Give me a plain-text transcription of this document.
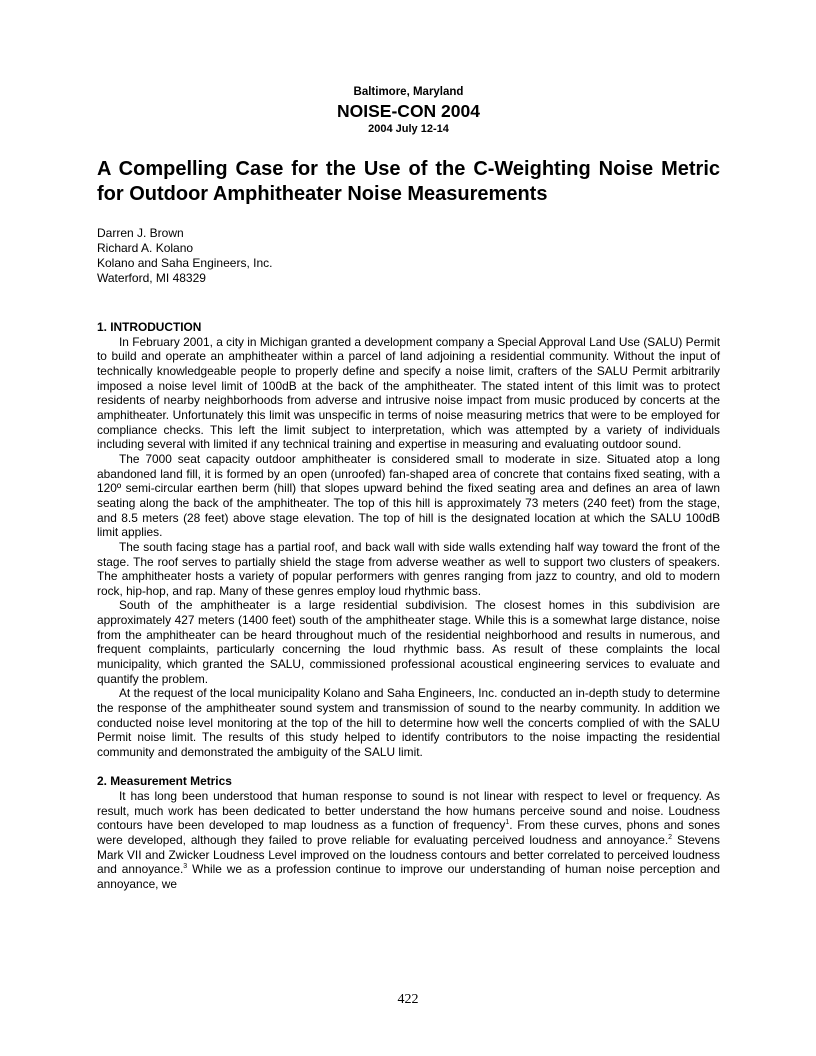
Baltimore, Maryland
NOISE-CON 2004
2004 July 12-14
A Compelling Case for the Use of the C-Weighting Noise Metric for Outdoor Amphitheater Noise Measurements
Darren J. Brown
Richard A. Kolano
Kolano and Saha Engineers, Inc.
Waterford, MI 48329
1. INTRODUCTION

In February 2001, a city in Michigan granted a development company a Special Approval Land Use (SALU) Permit to build and operate an amphitheater within a parcel of land adjoining a residential community. Without the input of technically knowledgeable people to properly define and specify a noise limit, crafters of the SALU Permit arbitrarily imposed a noise level limit of 100dB at the back of the amphitheater. The stated intent of this limit was to protect residents of nearby neighborhoods from adverse and intrusive noise impact from music produced by concerts at the amphitheater. Unfortunately this limit was unspecific in terms of noise measuring metrics that were to be employed for compliance checks. This left the limit subject to interpretation, which was attempted by a variety of individuals including several with limited if any technical training and expertise in measuring and evaluating outdoor sound.

The 7000 seat capacity outdoor amphitheater is considered small to moderate in size. Situated atop a long abandoned land fill, it is formed by an open (unroofed) fan-shaped area of concrete that contains fixed seating, with a 120º semi-circular earthen berm (hill) that slopes upward behind the fixed seating area and defines an area of lawn seating along the back of the amphitheater. The top of this hill is approximately 73 meters (240 feet) from the stage, and 8.5 meters (28 feet) above stage elevation. The top of hill is the designated location at which the SALU 100dB limit applies.

The south facing stage has a partial roof, and back wall with side walls extending half way toward the front of the stage. The roof serves to partially shield the stage from adverse weather as well to support two clusters of speakers. The amphitheater hosts a variety of popular performers with genres ranging from jazz to country, and old to modern rock, hip-hop, and rap. Many of these genres employ loud rhythmic bass.

South of the amphitheater is a large residential subdivision. The closest homes in this subdivision are approximately 427 meters (1400 feet) south of the amphitheater stage. While this is a somewhat large distance, noise from the amphitheater can be heard throughout much of the residential neighborhood and results in numerous, and frequent complaints, particularly concerning the loud rhythmic bass. As result of these complaints the local municipality, which granted the SALU, commissioned professional acoustical engineering services to evaluate and quantify the problem.

At the request of the local municipality Kolano and Saha Engineers, Inc. conducted an in-depth study to determine the response of the amphitheater sound system and transmission of sound to the nearby community. In addition we conducted noise level monitoring at the top of the hill to determine how well the concerts complied of with the SALU Permit noise limit. The results of this study helped to identify contributors to the noise impacting the residential community and demonstrated the ambiguity of the SALU limit.

2. Measurement Metrics

It has long been understood that human response to sound is not linear with respect to level or frequency. As result, much work has been dedicated to better understand the how humans perceive sound and noise. Loudness contours have been developed to map loudness as a function of frequency$^1$. From these curves, phons and sones were developed, although they failed to prove reliable for evaluating perceived loudness and annoyance.$^2$ Stevens Mark VII and Zwicker Loudness Level improved on the loudness contours and better correlated to perceived loudness and annoyance.$^3$ While we as a profession continue to improve our understanding of human noise perception and annoyance, we

422
